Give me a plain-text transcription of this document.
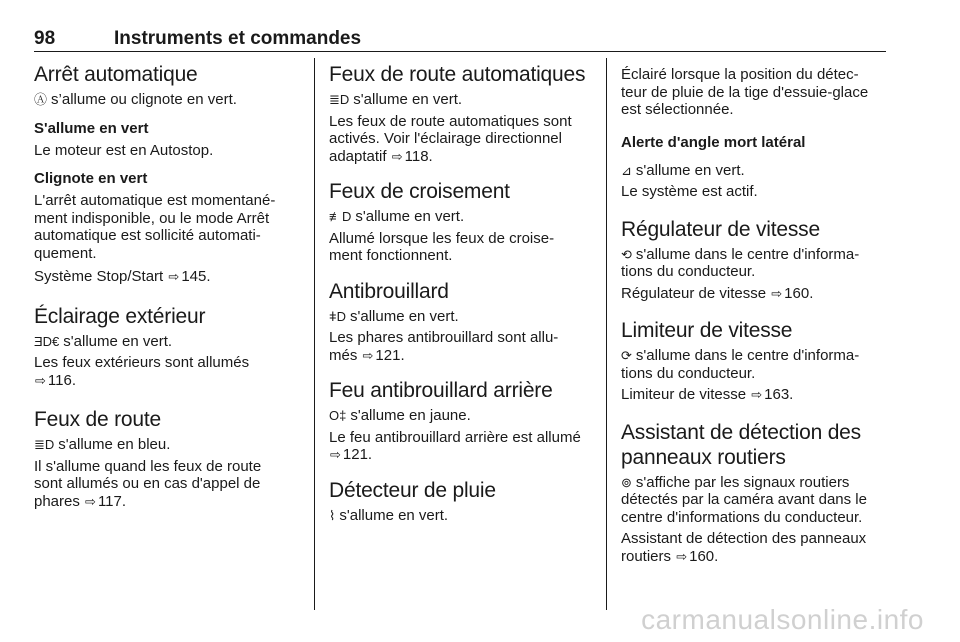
98	Instruments et commandes
Arrêt automatique

Ⓐ s’allume ou clignote en vert.

S'allume en vert

Le moteur est en Autostop.

Clignote en vert

L'arrêt automatique est momentané-
ment indisponible, ou le mode Arrêt
automatique est sollicité automati-
quement.

Système Stop/Start ⇨ 145.

Éclairage extérieur

ƎD€ s'allume en vert.

Les feux extérieurs sont allumés
⇨ 116.

Feux de route

≣D s'allume en bleu.

Il s'allume quand les feux de route
sont allumés ou en cas d'appel de
phares ⇨ 117.

Feux de route automatiques

≣D s'allume en vert.

Les feux de route automatiques sont
activés. Voir l'éclairage directionnel
adaptatif ⇨ 118.

Feux de croisement

≢D s'allume en vert.

Allumé lorsque les feux de croise-
ment fonctionnent.

Antibrouillard

ǂD s'allume en vert.

Les phares antibrouillard sont allu-
més ⇨ 121.

Feu antibrouillard arrière

O‡ s'allume en jaune.

Le feu antibrouillard arrière est allumé
⇨ 121.

Détecteur de pluie

⌇ s'allume en vert.

Éclairé lorsque la position du détec-
teur de pluie de la tige d'essuie-glace
est sélectionnée.

Alerte d'angle mort latéral

⊿ s'allume en vert.

Le système est actif.

Régulateur de vitesse

⟲ s'allume dans le centre d'informa-
tions du conducteur.

Régulateur de vitesse ⇨ 160.

Limiteur de vitesse

⟳ s'allume dans le centre d'informa-
tions du conducteur.

Limiteur de vitesse ⇨ 163.

Assistant de détection des
panneaux routiers

⊚ s'affiche par les signaux routiers
détectés par la caméra avant dans le
centre d'informations du conducteur.

Assistant de détection des panneaux
routiers ⇨ 160.

carmanualsonline.info
